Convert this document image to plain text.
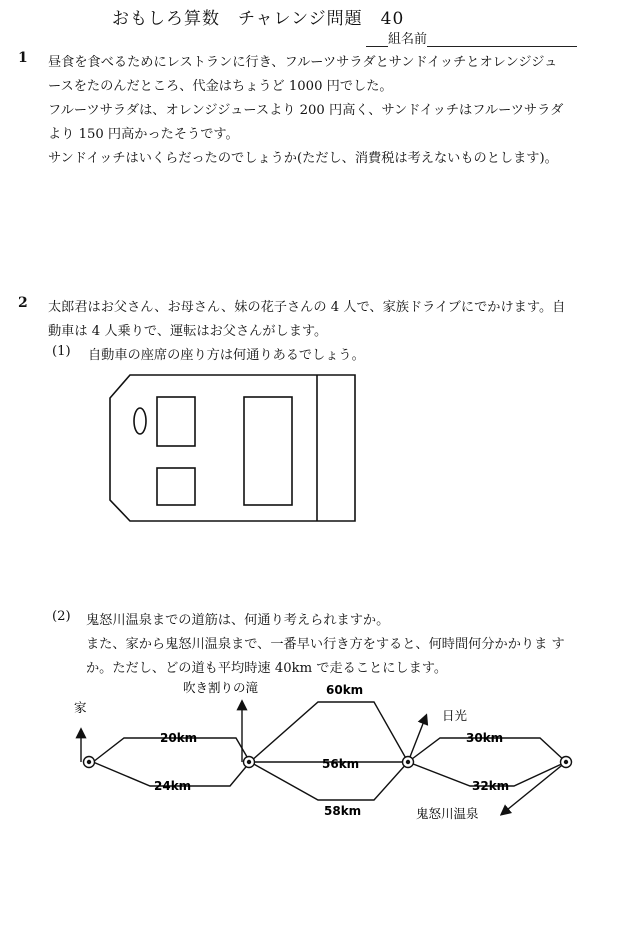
おもしろ算数　チャレンジ問題　40
組名前
1 昼食を食べるためにレストランに行き、フルーツサラダとサンドイッチとオレンジジュ
ースをたのんだところ、代金はちょうど 1000 円でした。
フルーツサラダは、オレンジジュースより 200 円高く、サンドイッチはフルーツサラダ
より 150 円高かったそうです。
サンドイッチはいくらだったのでしょうか(ただし、消費税は考えないものとします)。
2 太郎君はお父さん、お母さん、妹の花子さんの 4 人で、家族ドライブにでかけます。自
動車は 4 人乗りで、運転はお父さんがします。
(1) 自動車の座席の座り方は何通りあるでしょう。
(2) 鬼怒川温泉までの道筋は、何通り考えられますか。
また、家から鬼怒川温泉まで、一番早い行き方をすると、何時間何分かかりま す
か。ただし、どの道も平均時速 40km で走ることにします。
家
吹き割りの滝
日光
鬼怒川温泉
20km
24km
60km
56km
58km
30km
32km
